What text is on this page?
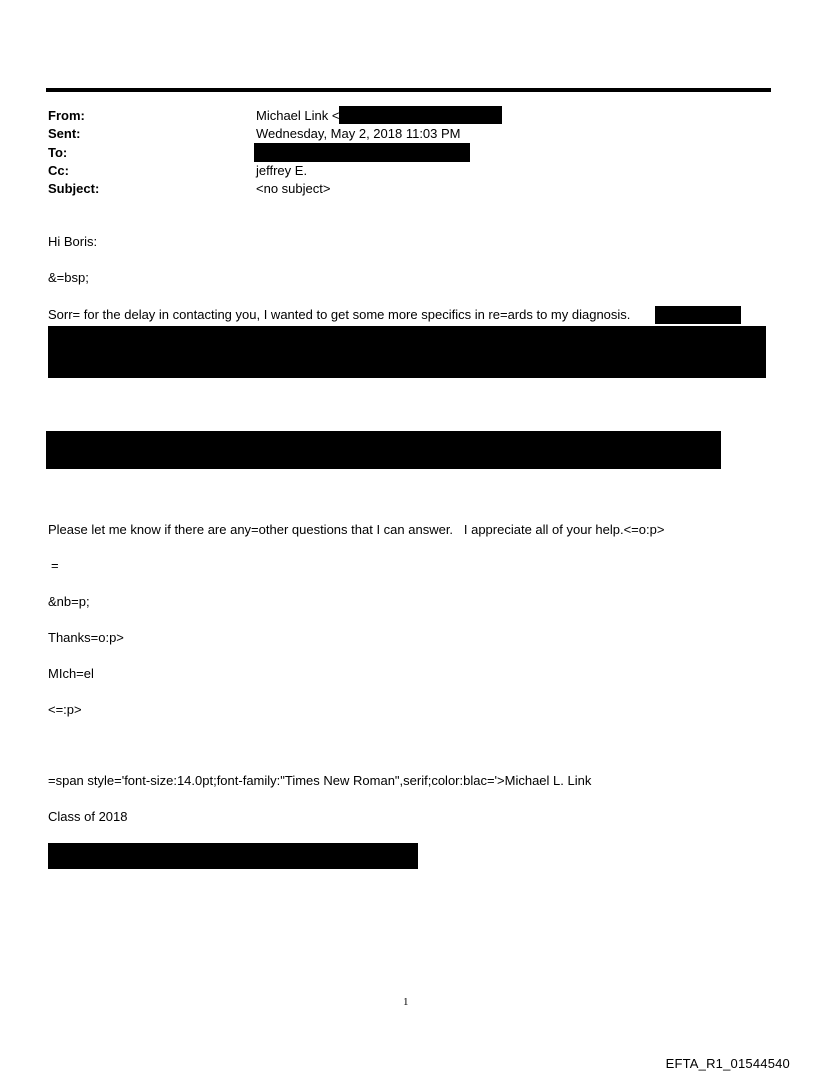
From:	Michael Link <
Sent:	Wednesday, May 2, 2018 11:03 PM
To:
Cc:	jeffrey E.
Subject:	<no subject>
Hi Boris:
&=bsp;
Sorr= for the delay in contacting you, I wanted to get some more specifics in re=ards to my diagnosis.
Please let me know if there are any=other questions that I can answer.   I appreciate all of your help.<=o:p>
=
&nb=p;
Thanks=o:p>
MIch=el
<=:p>
=span style='font-size:14.0pt;font-family:"Times New Roman",serif;color:blac='>Michael L. Link
Class of 2018
1
EFTA_R1_01544540
